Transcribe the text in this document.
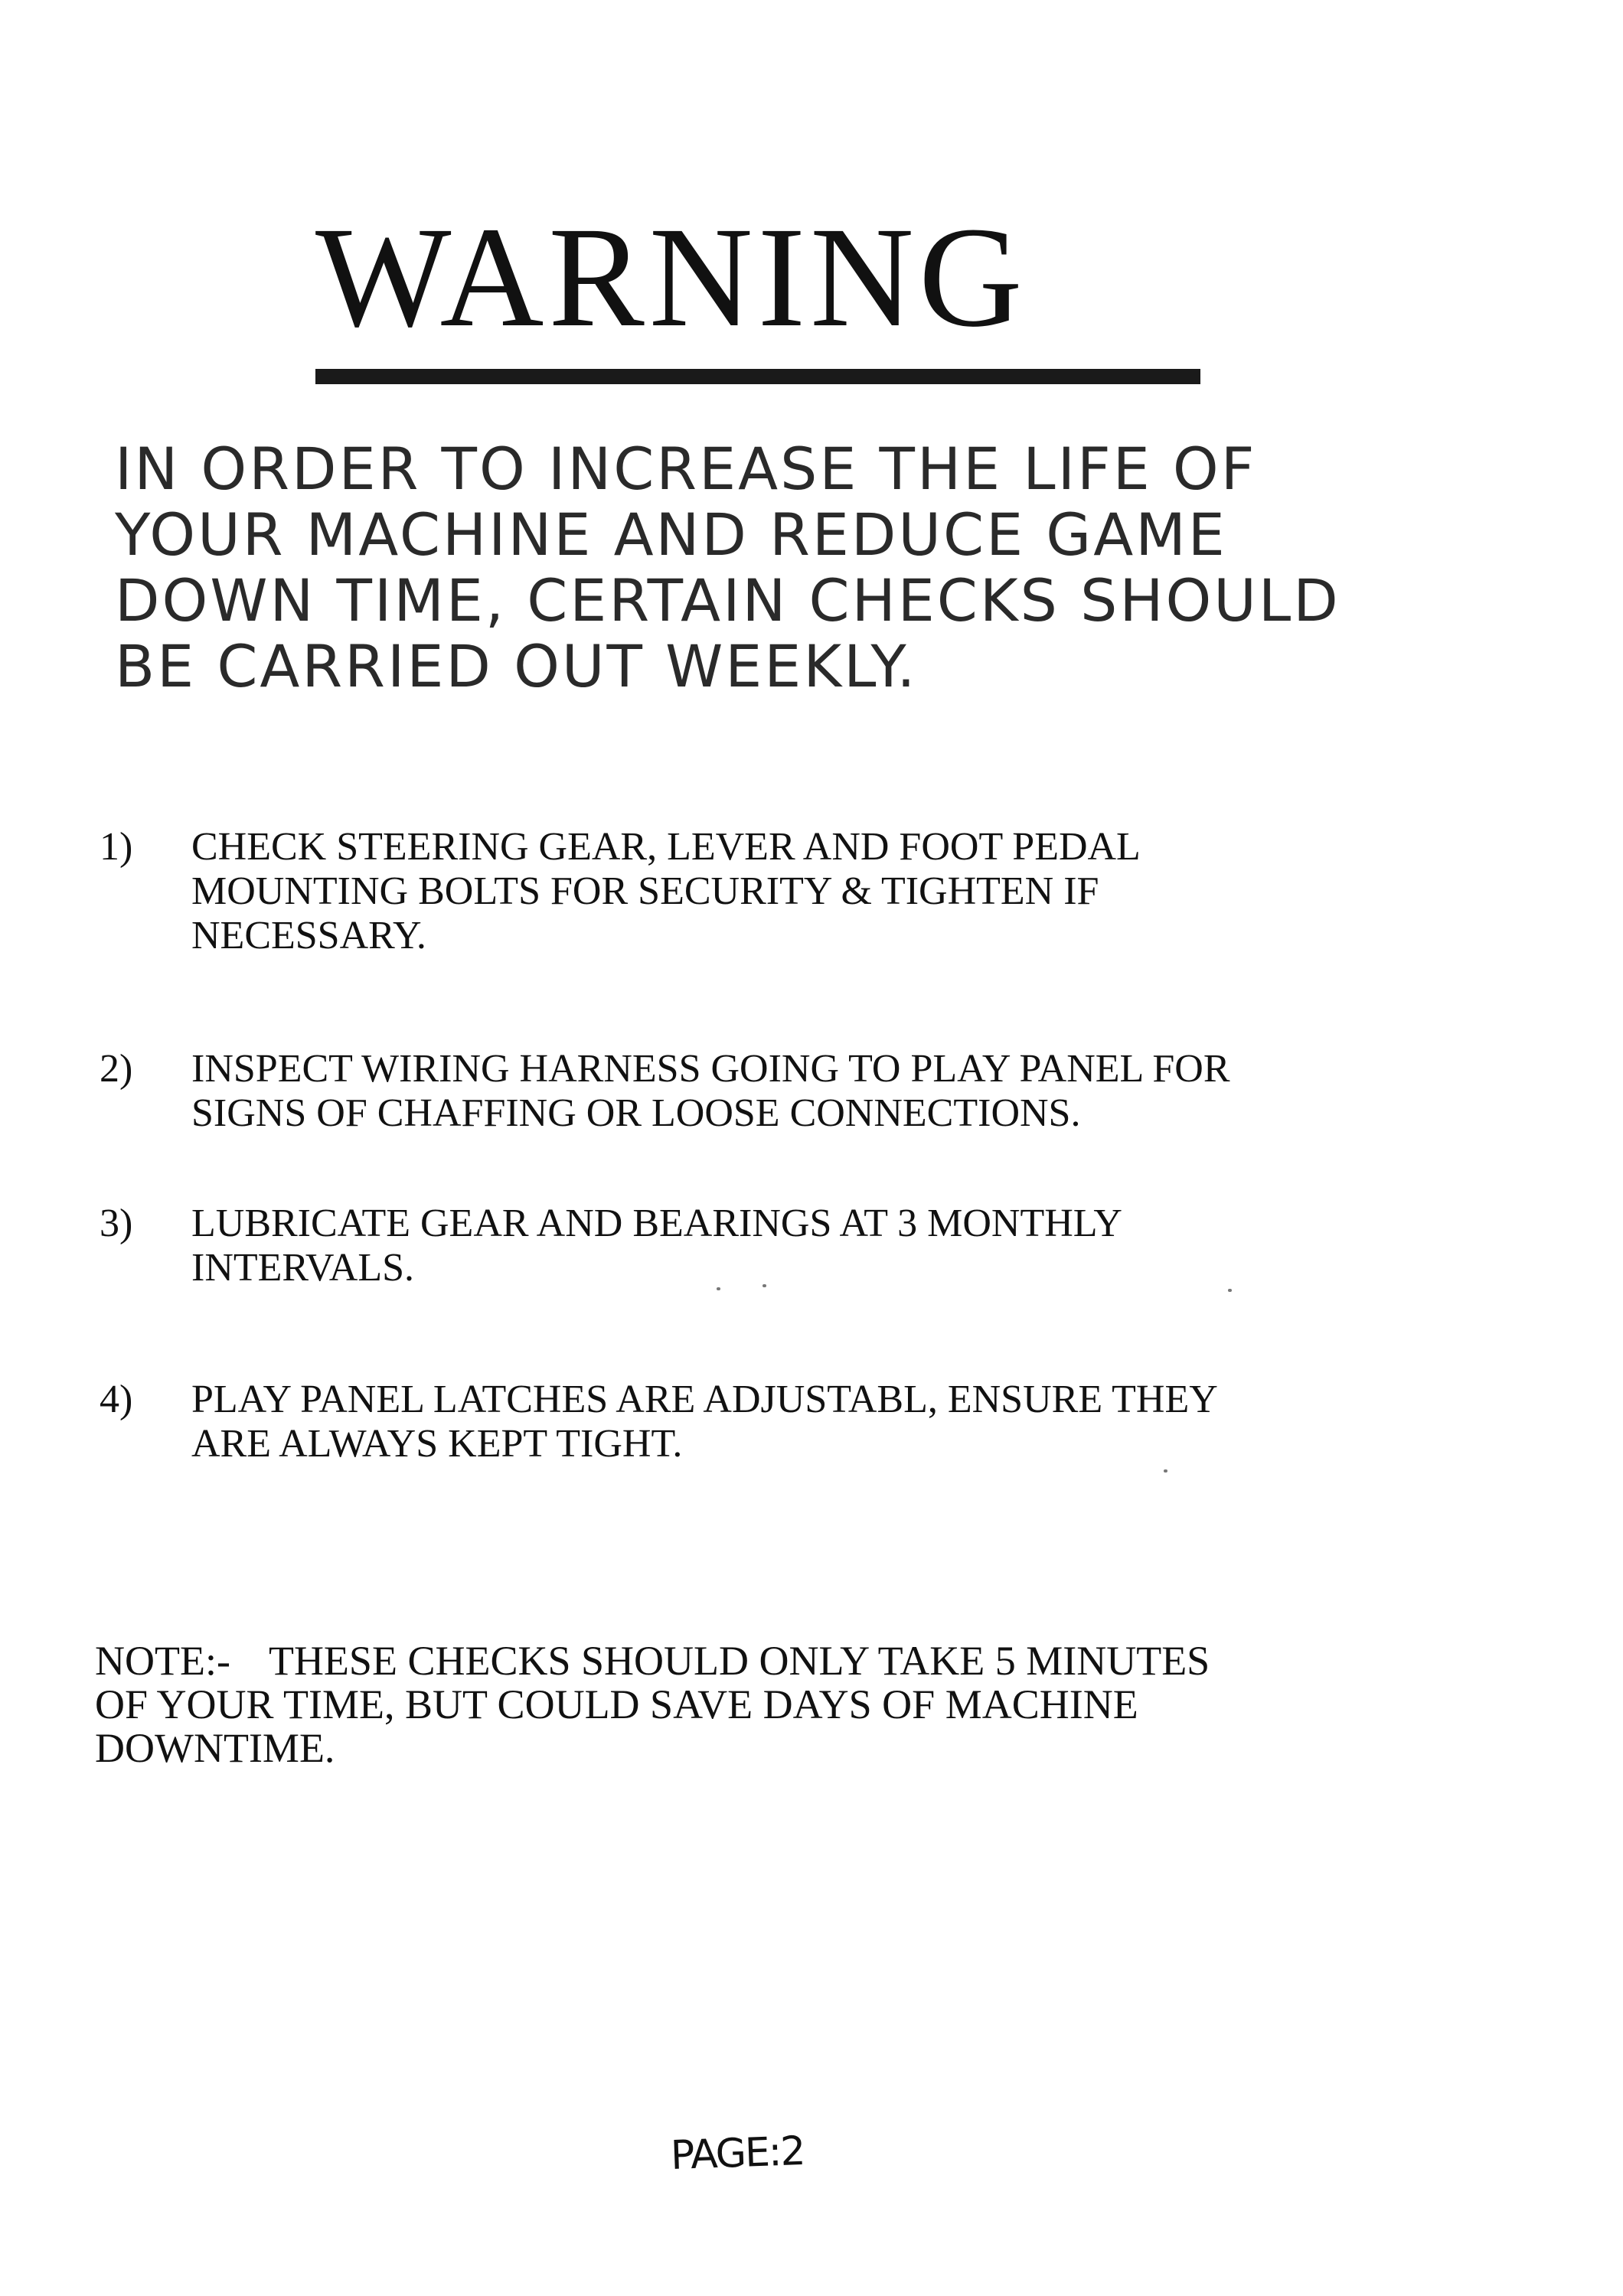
WARNING

IN ORDER TO INCREASE THE LIFE OF
YOUR MACHINE AND REDUCE GAME
DOWN TIME, CERTAIN CHECKS SHOULD
BE CARRIED OUT WEEKLY.

1) CHECK STEERING GEAR, LEVER AND FOOT PEDAL
MOUNTING BOLTS FOR SECURITY & TIGHTEN IF
NECESSARY.
2) INSPECT WIRING HARNESS GOING TO PLAY PANEL FOR
SIGNS OF CHAFFING OR LOOSE CONNECTIONS.
3) LUBRICATE GEAR AND BEARINGS AT 3 MONTHLY
INTERVALS.
4) PLAY PANEL LATCHES ARE ADJUSTABL, ENSURE THEY
ARE ALWAYS KEPT TIGHT.

NOTE:- THESE CHECKS SHOULD ONLY TAKE 5 MINUTES
OF YOUR TIME, BUT COULD SAVE DAYS OF MACHINE
DOWNTIME.

PAGE:2
